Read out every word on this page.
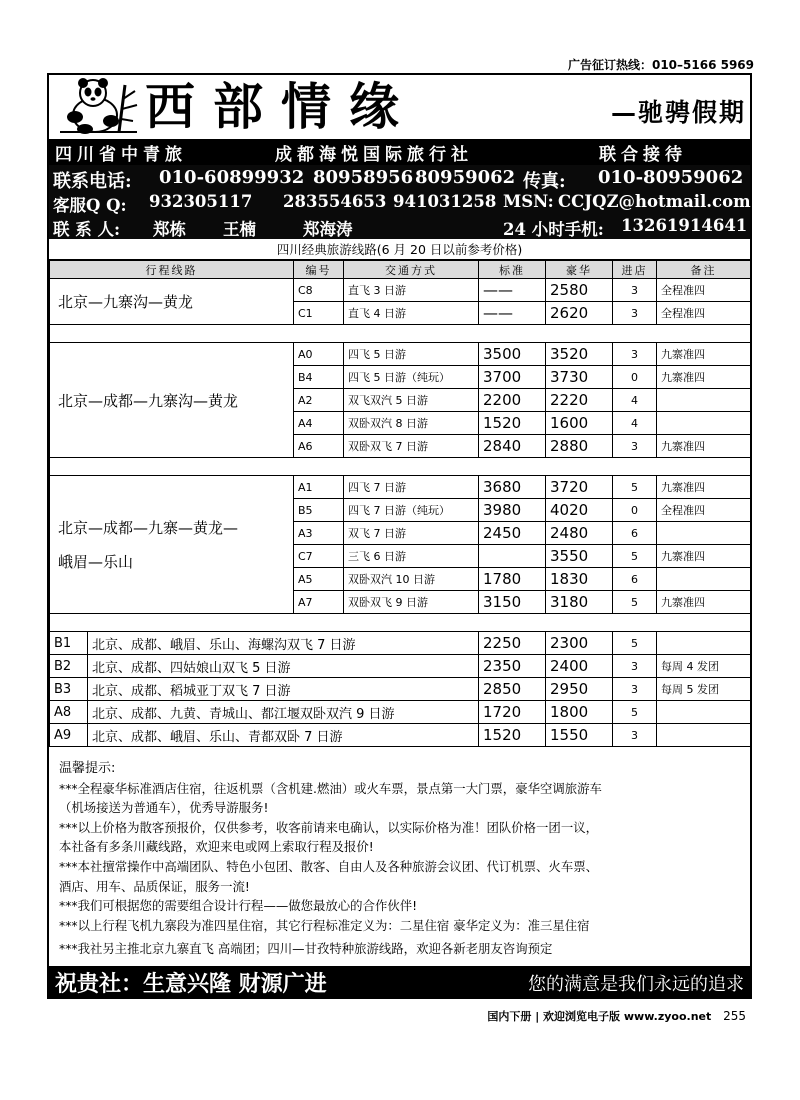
广告征订热线：010–5166 5969
西部情缘	—驰骋假期
四川省中青旅	成都海悦国际旅行社	联合接待
联系电话: 010-60899932 80958956 80959062 传真: 010-80959062
客服Q Q: 932305117 283554653 941031258 MSN: CCJQZ@hotmail.com
联 系 人: 郑栋 王楠	郑海涛	24 小时手机: 13261914641
四川经典旅游线路(6 月 20 日以前参考价格)
行程线路		编号	交通方式	标准	豪华	进店	备注
北京—九寨沟—黄龙		C8	直飞 3 日游	——	2580	3	全程准四
		C1	直飞 4 日游	——	2620	3	全程准四

北京—成都—九寨沟—黄龙		A0	四飞 5 日游	3500	3520	3	九寨准四
		B4	四飞 5 日游（纯玩）	3700	3730	0	九寨准四
		A2	双飞双汽 5 日游	2200	2220	4	
		A4	双卧双汽 8 日游	1520	1600	4	
		A6	双卧双飞 7 日游	2840	2880	3	九寨准四

北京—成都—九寨—黄龙—
峨眉—乐山		A1	四飞 7 日游	3680	3720	5	九寨准四
		B5	四飞 7 日游（纯玩）	3980	4020	0	全程准四
		A3	双飞 7 日游	2450	2480	6	
		C7	三飞 6 日游		3550	5	九寨准四
		A5	双卧双汽 10 日游	1780	1830	6	
		A7	双卧双飞 9 日游	3150	3180	5	九寨准四

B1	北京、成都、峨眉、乐山、海螺沟双飞 7 日游			2250	2300	5	
B2	北京、成都、四姑娘山双飞 5 日游			2350	2400	3	每周 4 发团
B3	北京、成都、稻城亚丁双飞 7 日游			2850	2950	3	每周 5 发团
A8	北京、成都、九黄、青城山、都江堰双卧双汽 9 日游			1720	1800	5	
A9	北京、成都、峨眉、乐山、青都双卧 7 日游			1520	1550	3	

温馨提示:

***全程豪华标准酒店住宿，往返机票（含机建.燃油）或火车票，景点第一大门票，豪华空调旅游车

（机场接送为普通车），优秀导游服务!

***以上价格为散客预报价，仅供参考，收客前请来电确认，以实际价格为准！团队价格一团一议，

本社备有多条川藏线路，欢迎来电或网上索取行程及报价!

***本社擅常操作中高端团队、特色小包团、散客、自由人及各种旅游会议团、代订机票、火车票、

酒店、用车、品质保证，服务一流!

***我们可根据您的需要组合设计行程——做您最放心的合作伙伴!

***以上行程飞机九寨段为准四星住宿，其它行程标准定义为：二星住宿 豪华定义为：准三星住宿

***我社另主推北京九寨直飞 高端团；四川—甘孜特种旅游线路，欢迎各新老朋友咨询预定

祝贵社：生意兴隆 财源广进	您的满意是我们永远的追求
国内下册 | 欢迎浏览电子版 www.zyoo.net 255
